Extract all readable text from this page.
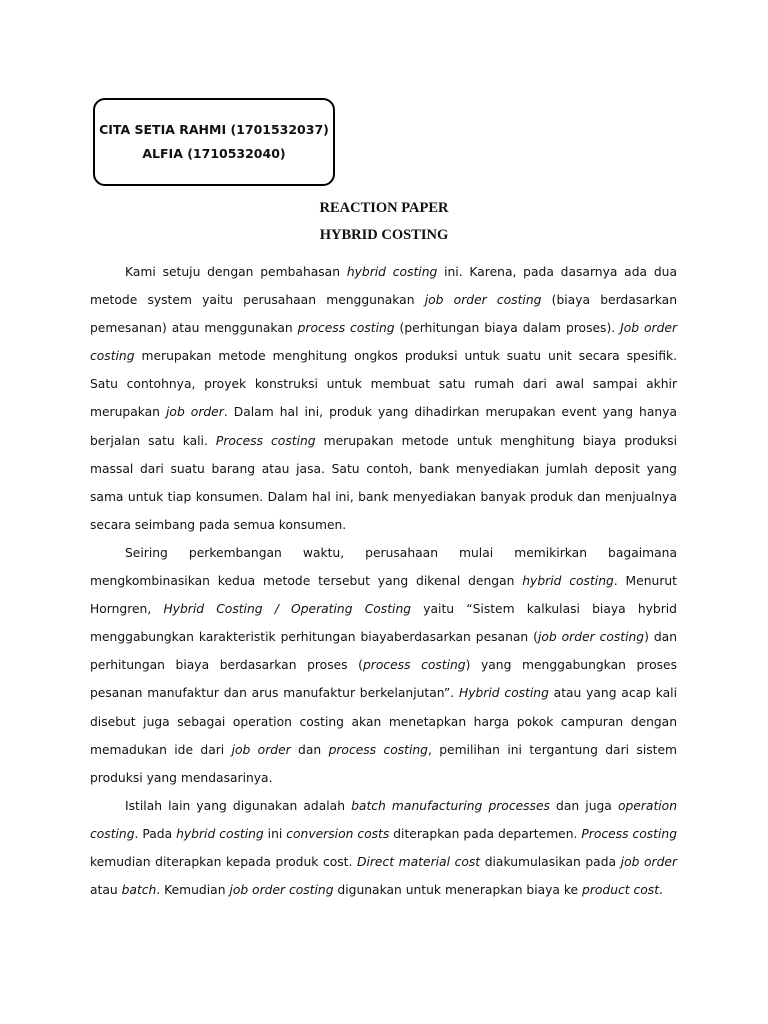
CITA SETIA RAHMI (1701532037)
ALFIA (1710532040)
REACTION PAPER
HYBRID COSTING

Kami setuju dengan pembahasan hybrid costing ini. Karena, pada dasarnya ada dua metode system yaitu perusahaan menggunakan job order costing (biaya berdasarkan pemesanan) atau menggunakan process costing (perhitungan biaya dalam proses). Job order costing merupakan metode menghitung ongkos produksi untuk suatu unit secara spesifik. Satu contohnya, proyek konstruksi untuk membuat satu rumah dari awal sampai akhir merupakan job order. Dalam hal ini, produk yang dihadirkan merupakan event yang hanya berjalan satu kali. Process costing merupakan metode untuk menghitung biaya produksi massal dari suatu barang atau jasa. Satu contoh, bank menyediakan jumlah deposit yang sama untuk tiap konsumen. Dalam hal ini, bank menyediakan banyak produk dan menjualnya secara seimbang pada semua konsumen.

Seiring perkembangan waktu, perusahaan mulai memikirkan bagaimana mengkombinasikan kedua metode tersebut yang dikenal dengan hybrid costing. Menurut Horngren, Hybrid Costing / Operating Costing yaitu “Sistem kalkulasi biaya hybrid menggabungkan karakteristik perhitungan biayaberdasarkan pesanan (job order costing) dan perhitungan biaya berdasarkan proses (process costing) yang menggabungkan proses pesanan manufaktur dan arus manufaktur berkelanjutan”. Hybrid costing atau yang acap kali disebut juga sebagai operation costing akan menetapkan harga pokok campuran dengan memadukan ide dari job order dan process costing, pemilihan ini tergantung dari sistem produksi yang mendasarinya.

Istilah lain yang digunakan adalah batch manufacturing processes dan juga operation costing. Pada hybrid costing ini conversion costs diterapkan pada departemen. Process costing kemudian diterapkan kepada produk cost. Direct material cost diakumulasikan pada job order atau batch. Kemudian job order costing digunakan untuk menerapkan biaya ke product cost.
